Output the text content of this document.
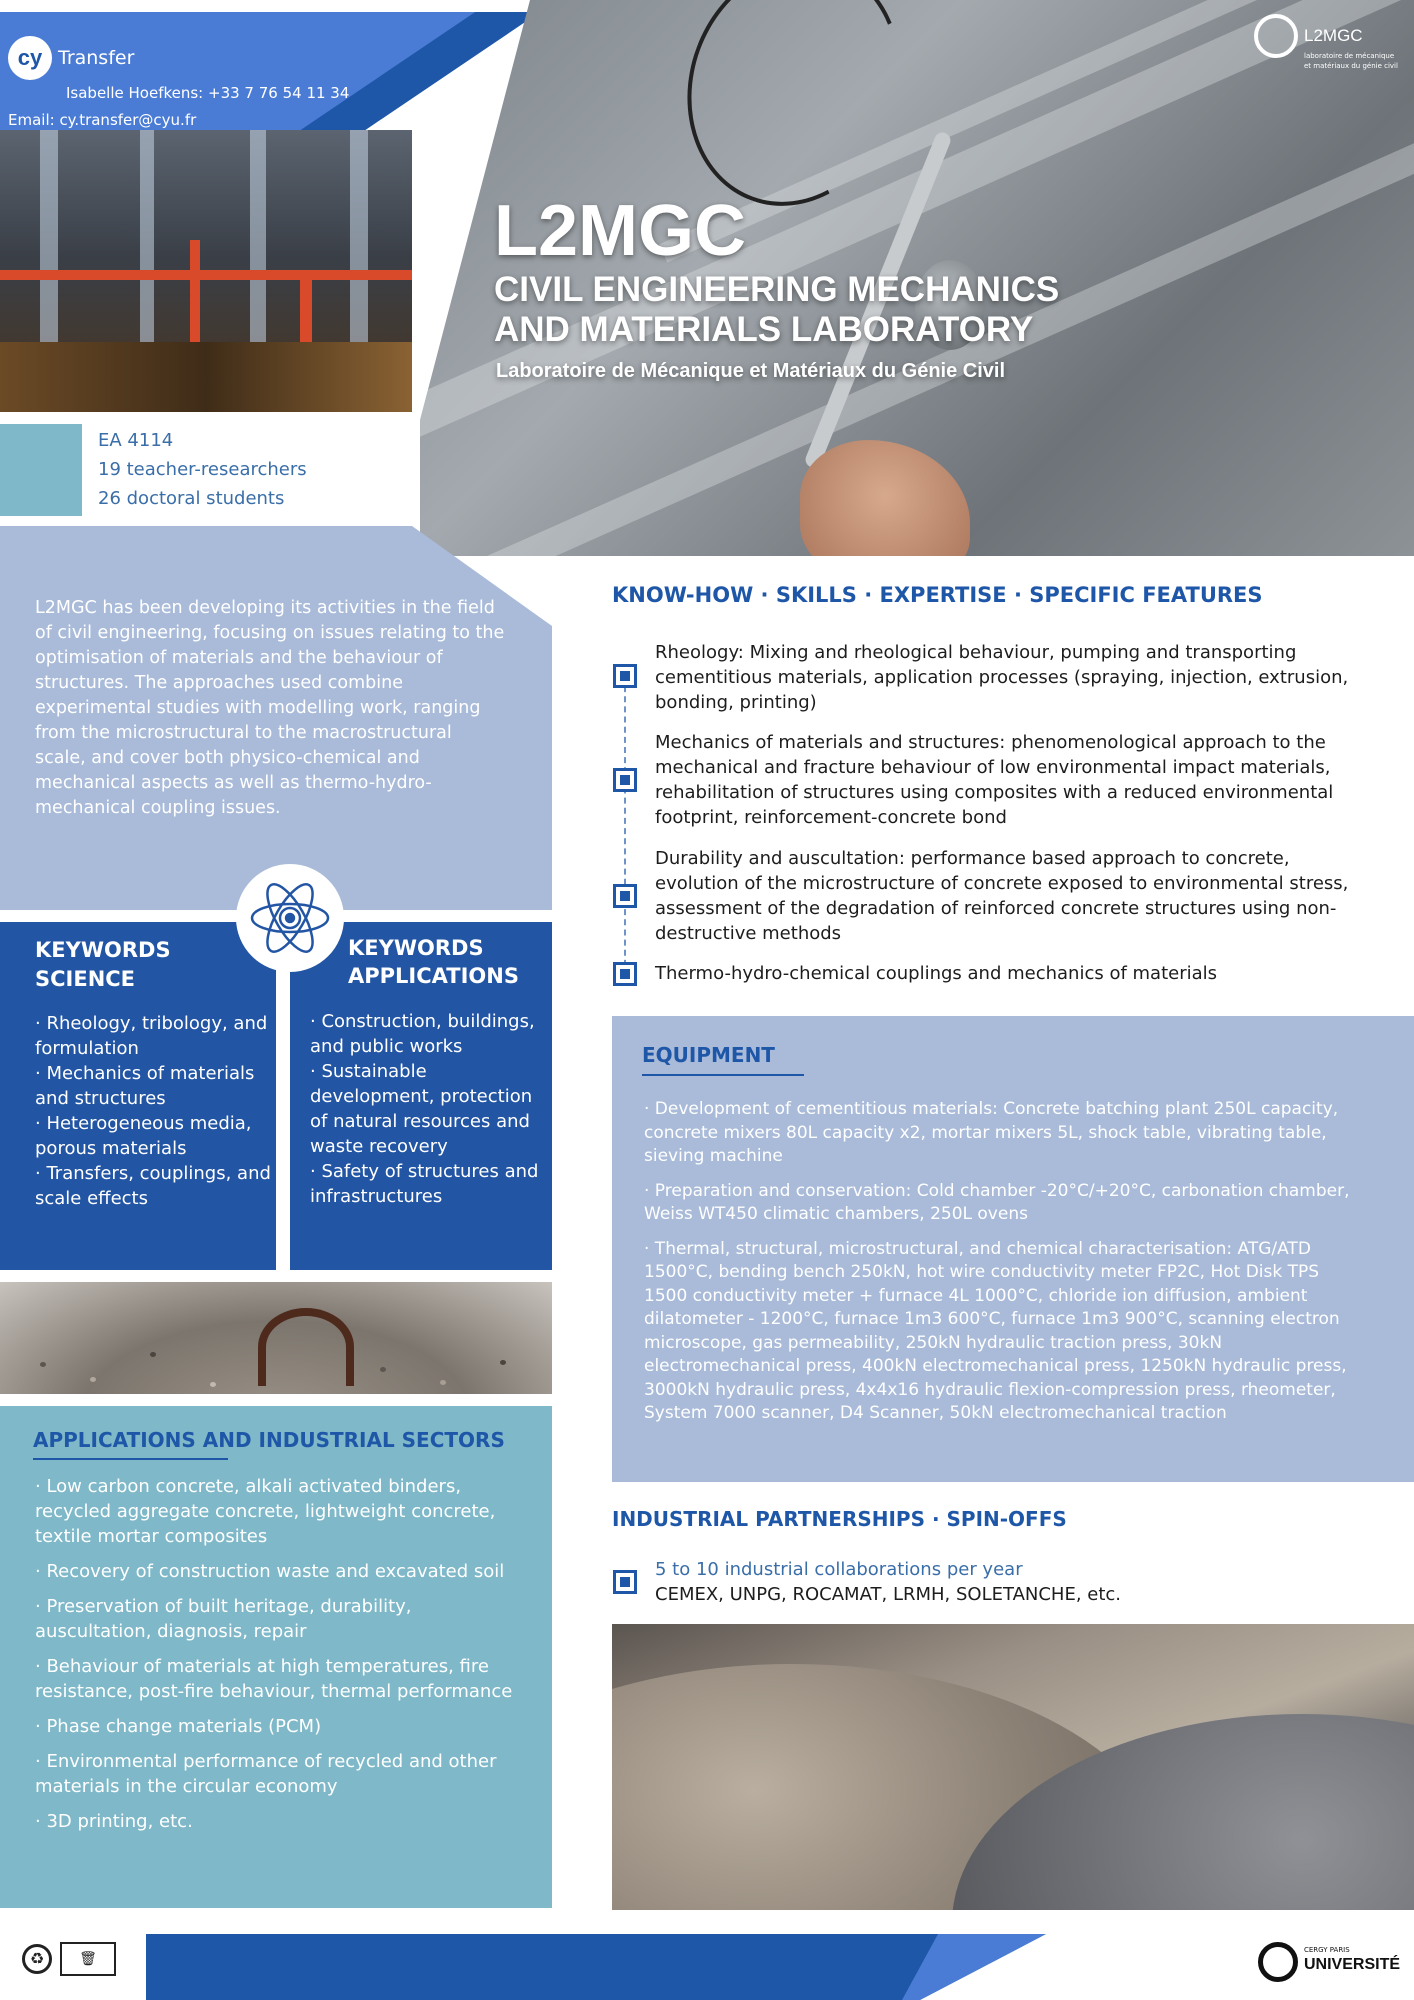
cy Transfer
Isabelle Hoefkens: +33 7 76 54 11 34
Email: cy.transfer@cyu.fr
L2MGC
laboratoire de mécanique
et matériaux du génie civil
L2MGC
CIVIL ENGINEERING MECHANICS
AND MATERIALS LABORATORY
Laboratoire de Mécanique et Matériaux du Génie Civil
EA 4114
19 teacher-researchers
26 doctoral students
L2MGC has been developing its activities in the field of civil engineering, focusing on issues relating to the optimisation of materials and the behaviour of structures. The approaches used combine experimental studies with modelling work, ranging from the microstructural to the macrostructural scale, and cover both physico-chemical and mechanical aspects as well as thermo-hydro-mechanical coupling issues.
KEYWORDS
SCIENCE
· Rheology, tribology, and formulation
· Mechanics of materials and structures
· Heterogeneous media, porous materials
· Transfers, couplings, and scale effects
KEYWORDS
APPLICATIONS
· Construction, buildings, and public works
· Sustainable development, protection of natural resources and waste recovery
· Safety of structures and infrastructures
APPLICATIONS AND INDUSTRIAL SECTORS
· Low carbon concrete, alkali activated binders, recycled aggregate concrete, lightweight concrete, textile mortar composites
· Recovery of construction waste and excavated soil
· Preservation of built heritage, durability, auscultation, diagnosis, repair
· Behaviour of materials at high temperatures, fire resistance, post-fire behaviour, thermal performance
· Phase change materials (PCM)
· Environmental performance of recycled and other materials in the circular economy
· 3D printing, etc.
KNOW-HOW · SKILLS · EXPERTISE · SPECIFIC FEATURES
Rheology: Mixing and rheological behaviour, pumping and transporting cementitious materials, application processes (spraying, injection, extrusion, bonding, printing)
Mechanics of materials and structures: phenomenological approach to the mechanical and fracture behaviour of low environmental impact materials, rehabilitation of structures using composites with a reduced environmental footprint, reinforcement-concrete bond
Durability and auscultation: performance based approach to concrete, evolution of the microstructure of concrete exposed to environmental stress, assessment of the degradation of reinforced concrete structures using non-destructive methods
Thermo-hydro-chemical couplings and mechanics of materials
EQUIPMENT
· Development of cementitious materials: Concrete batching plant 250L capacity, concrete mixers 80L capacity x2, mortar mixers 5L, shock table, vibrating table, sieving machine
· Preparation and conservation: Cold chamber -20°C/+20°C, carbonation chamber, Weiss WT450 climatic chambers, 250L ovens
· Thermal, structural, microstructural, and chemical characterisation: ATG/ATD 1500°C, bending bench 250kN, hot wire conductivity meter FP2C, Hot Disk TPS 1500 conductivity meter + furnace 4L 1000°C, chloride ion diffusion, ambient dilatometer - 1200°C, furnace 1m3 600°C, furnace 1m3 900°C, scanning electron microscope, gas permeability, 250kN hydraulic traction press, 30kN electromechanical press, 400kN electromechanical press, 1250kN hydraulic press, 3000kN hydraulic press, 4x4x16 hydraulic flexion-compression press, rheometer, System 7000 scanner, D4 Scanner, 50kN electromechanical traction
INDUSTRIAL PARTNERSHIPS · SPIN-OFFS
5 to 10 industrial collaborations per year
CEMEX, UNPG, ROCAMAT, LRMH, SOLETANCHE, etc.
♻	🗑
CERGY PARIS
UNIVERSITÉ
